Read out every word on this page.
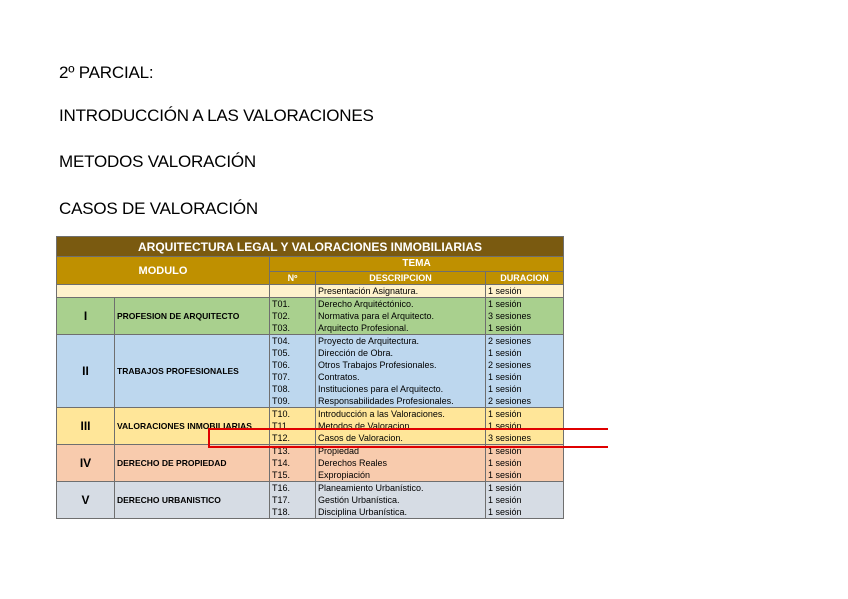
2º PARCIAL:
INTRODUCCIÓN A LAS VALORACIONES
METODOS VALORACIÓN
CASOS DE VALORACIÓN
ARQUITECTURA LEGAL Y VALORACIONES INMOBILIARIAS				
MODULO		TEMA		
		Nº	DESCRIPCION	DURACION
			Presentación Asignatura.	1 sesión
I	PROFESION DE ARQUITECTO	T01.	Derecho Arquitéctónico.	1 sesión
		T02.	Normativa para el Arquitecto.	3 sesiones
		T03.	Arquitecto Profesional.	1 sesión
II	TRABAJOS PROFESIONALES	T04.	Proyecto de Arquitectura.	2 sesiones
		T05.	Dirección de Obra.	1 sesión
		T06.	Otros Trabajos Profesionales.	2 sesiones
		T07.	Contratos.	1 sesión
		T08.	Instituciones para el Arquitecto.	1 sesión
		T09.	Responsabilidades Profesionales.	2 sesiones
III	VALORACIONES INMOBILIARIAS	T10.	Introducción a las Valoraciones.	1 sesión
		T11.	Metodos de Valoracion.	1 sesión
		T12.	Casos de Valoracion.	3 sesiones
IV	DERECHO DE PROPIEDAD	T13.	Propiedad	1 sesión
		T14.	Derechos Reales	1 sesión
		T15.	Expropiación	1 sesión
V	DERECHO URBANISTICO	T16.	Planeamiento Urbanístico.	1 sesión
		T17.	Gestión Urbanística.	1 sesión
		T18.	Disciplina Urbanística.	1 sesión
